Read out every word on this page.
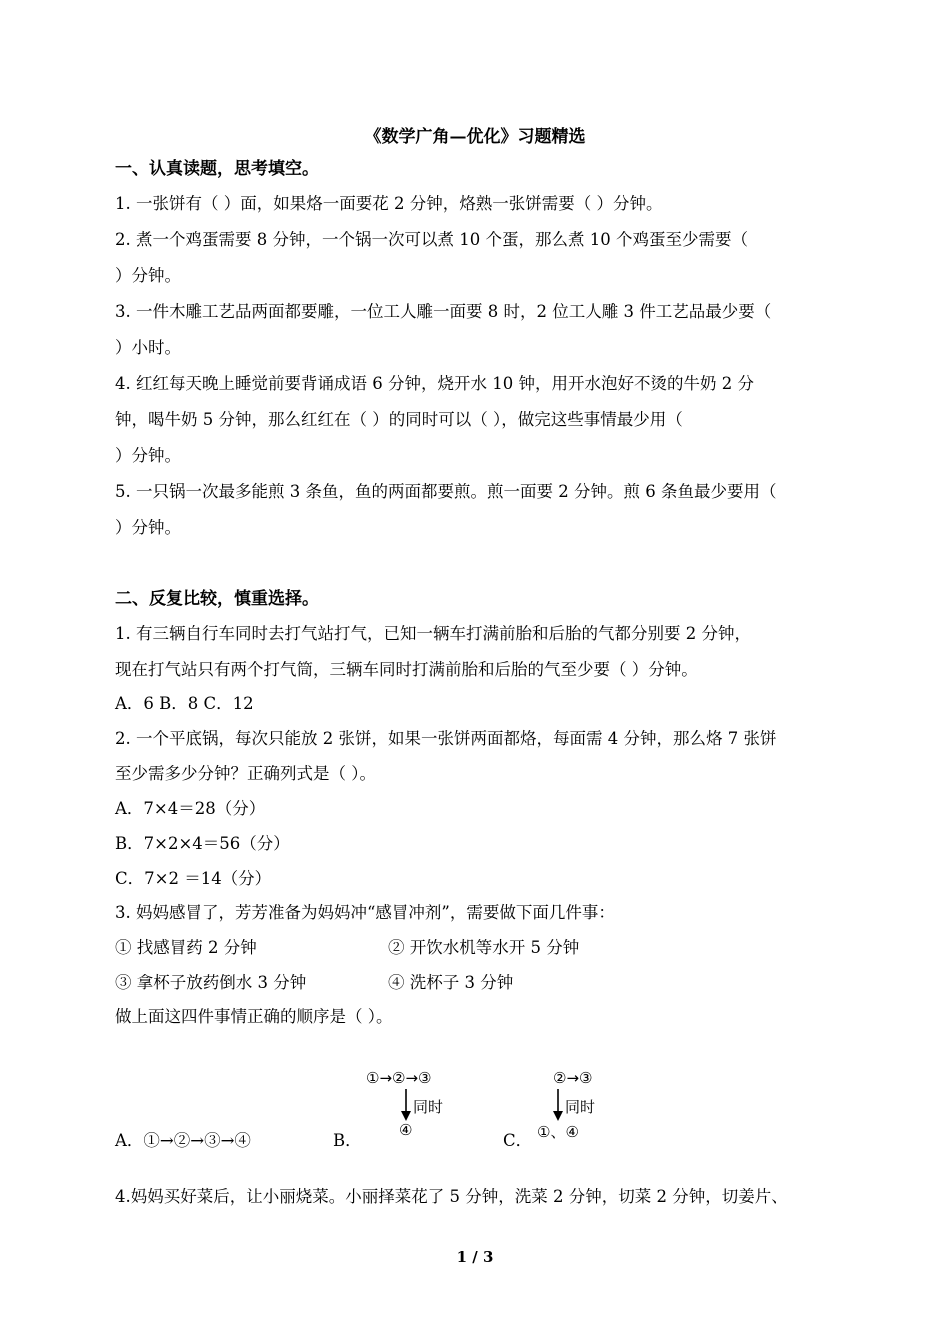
《数学广角—优化》习题精选
一、认真读题，思考填空。
1. 一张饼有（ ）面，如果烙一面要花 2 分钟，烙熟一张饼需要（ ）分钟。
2. 煮一个鸡蛋需要 8 分钟，一个锅一次可以煮 10 个蛋，那么煮 10 个鸡蛋至少需要（
）分钟。
3. 一件木雕工艺品两面都要雕，一位工人雕一面要 8 时，2 位工人雕 3 件工艺品最少要（
）小时。
4. 红红每天晚上睡觉前要背诵成语 6 分钟，烧开水 10 钟，用开水泡好不烫的牛奶 2 分
钟，喝牛奶 5 分钟，那么红红在（ ）的同时可以（ ），做完这些事情最少用（
）分钟。
5. 一只锅一次最多能煎 3 条鱼，鱼的两面都要煎。煎一面要 2 分钟。煎 6 条鱼最少要用（
）分钟。
二、反复比较，慎重选择。
1. 有三辆自行车同时去打气站打气，已知一辆车打满前胎和后胎的气都分别要 2 分钟，
现在打气站只有两个打气筒，三辆车同时打满前胎和后胎的气至少要（ ）分钟。
A．6 B．8 C．12
2. 一个平底锅，每次只能放 2 张饼，如果一张饼两面都烙，每面需 4 分钟，那么烙 7 张饼
至少需多少分钟？正确列式是（ ）。
A．7×4＝28（分）
B．7×2×4＝56（分）
C．7×2 ＝14（分）
3. 妈妈感冒了，芳芳准备为妈妈冲“感冒冲剂”，需要做下面几件事：
① 找感冒药 2 分钟	② 开饮水机等水开 5 分钟
③ 拿杯子放药倒水 3 分钟	④ 洗杯子 3 分钟
做上面这四件事情正确的顺序是（ ）。
A．①→②→③→④	B．
①→②→③
同时
④
C．
②→③
同时
①、④
4.妈妈买好菜后，让小丽烧菜。小丽择菜花了 5 分钟，洗菜 2 分钟，切菜 2 分钟，切姜片、
1 / 3
